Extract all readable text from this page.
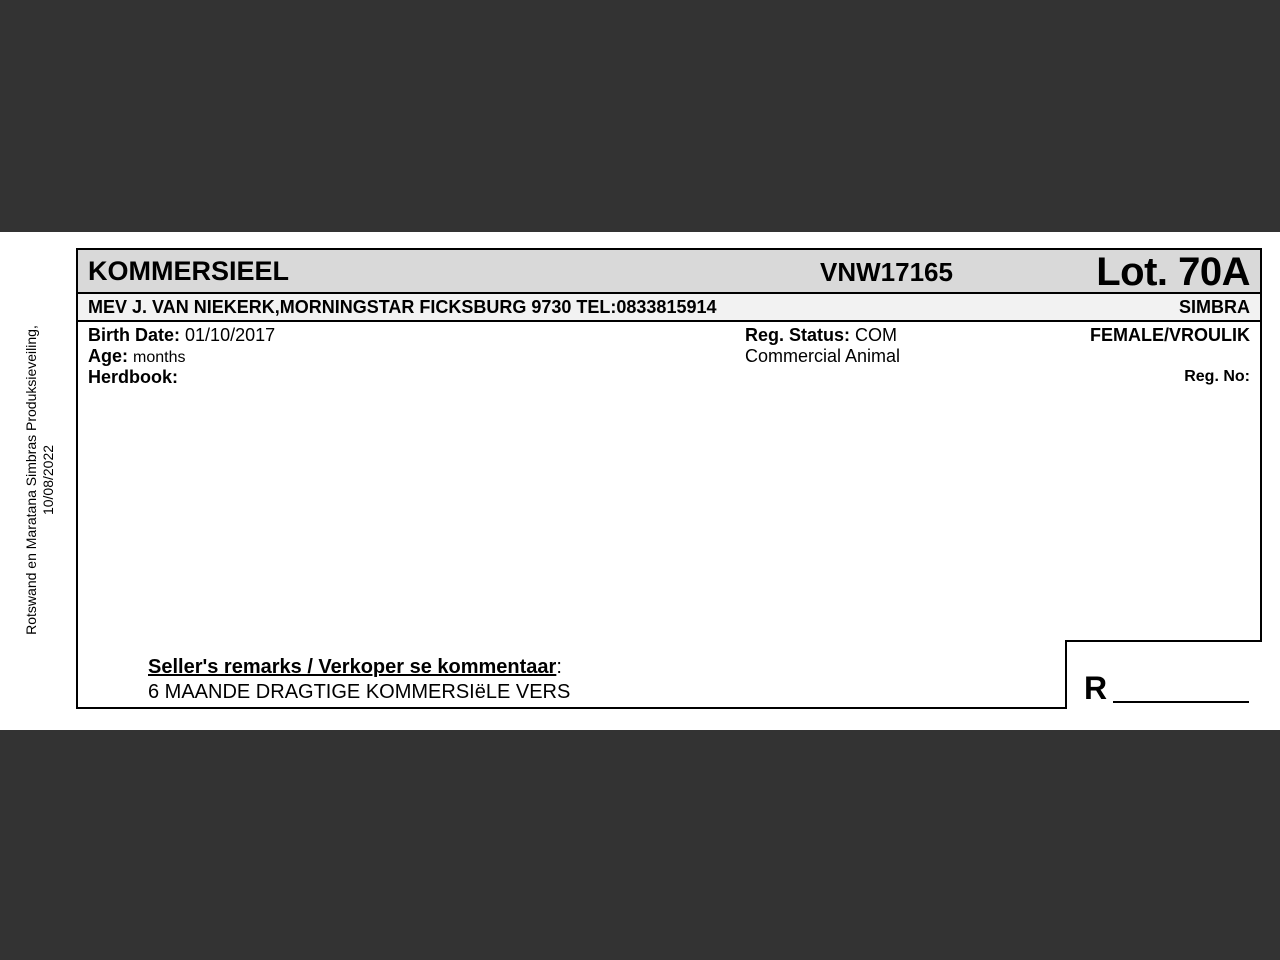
Rotswand en Maratana Simbras Produksieveiling, 10/08/2022
KOMMERSIEEL	VNW17165	Lot. 70A
MEV J. VAN NIEKERK,MORNINGSTAR FICKSBURG 9730 TEL:0833815914	SIMBRA
Birth Date: 01/10/2017
Age: months
Herdbook:
Reg. Status: COM
Commercial Animal
FEMALE/VROULIK
Reg. No:
Seller's remarks / Verkoper se kommentaar:
6 MAANDE DRAGTIGE KOMMERSIëLE VERS	R
